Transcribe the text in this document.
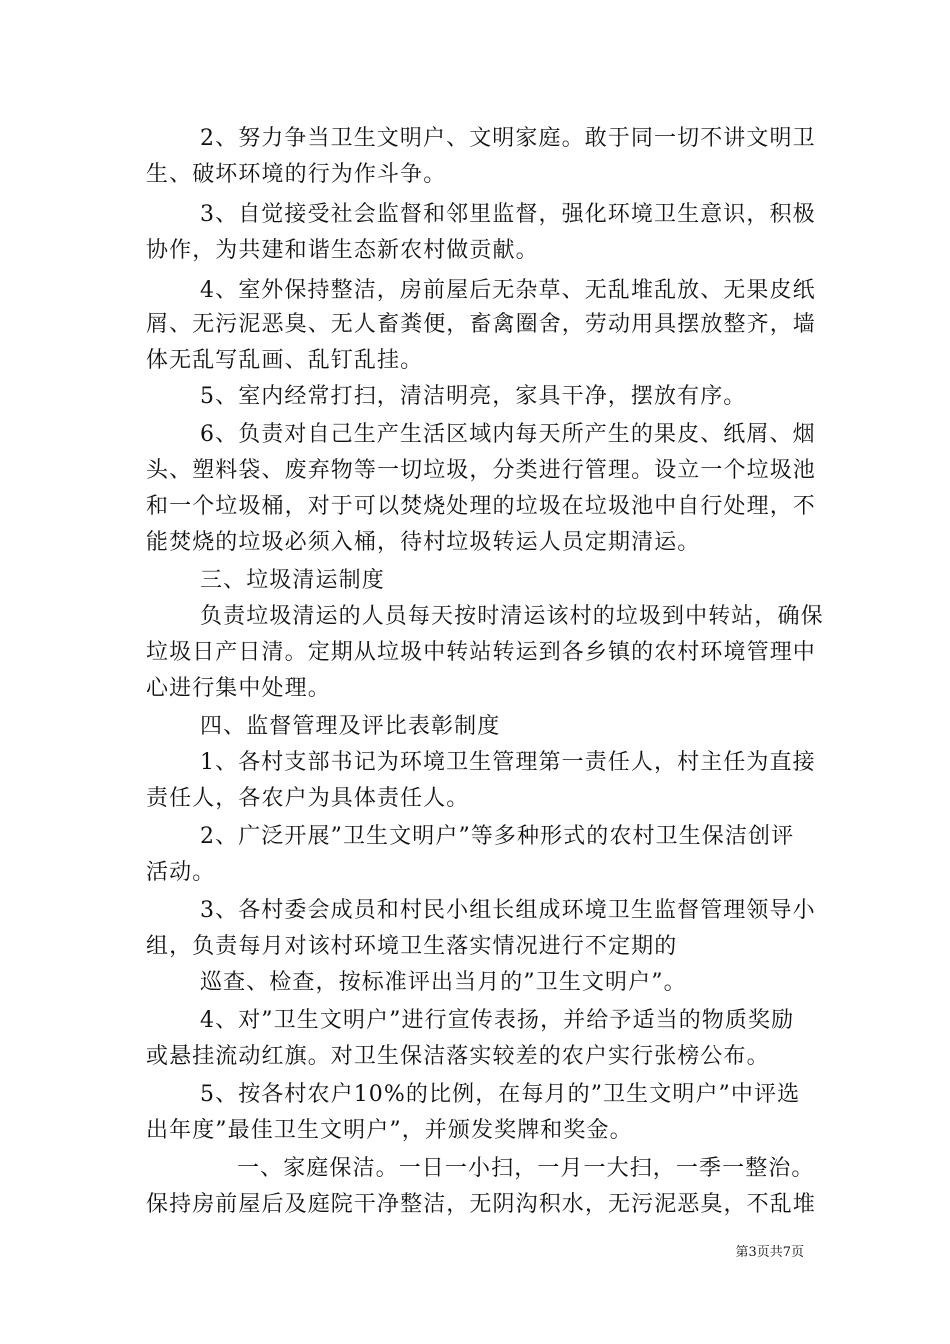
2、努力争当卫生文明户、文明家庭。敢于同一切不讲文明卫
生、破坏环境的行为作斗争。
3、自觉接受社会监督和邻里监督，强化环境卫生意识，积极
协作，为共建和谐生态新农村做贡献。
4、室外保持整洁，房前屋后无杂草、无乱堆乱放、无果皮纸
屑、无污泥恶臭、无人畜粪便，畜禽圈舍，劳动用具摆放整齐，墙
体无乱写乱画、乱钉乱挂。
5、室内经常打扫，清洁明亮，家具干净，摆放有序。
6、负责对自己生产生活区域内每天所产生的果皮、纸屑、烟
头、塑料袋、废弃物等一切垃圾，分类进行管理。设立一个垃圾池
和一个垃圾桶，对于可以焚烧处理的垃圾在垃圾池中自行处理，不
能焚烧的垃圾必须入桶，待村垃圾转运人员定期清运。
三、垃圾清运制度
负责垃圾清运的人员每天按时清运该村的垃圾到中转站，确保
垃圾日产日清。定期从垃圾中转站转运到各乡镇的农村环境管理中
心进行集中处理。
四、监督管理及评比表彰制度
1、各村支部书记为环境卫生管理第一责任人，村主任为直接
责任人，各农户为具体责任人。
2、广泛开展”卫生文明户”等多种形式的农村卫生保洁创评
活动。
3、各村委会成员和村民小组长组成环境卫生监督管理领导小
组，负责每月对该村环境卫生落实情况进行不定期的
巡查、检查，按标准评出当月的”卫生文明户”。
4、对”卫生文明户”进行宣传表扬，并给予适当的物质奖励
或悬挂流动红旗。对卫生保洁落实较差的农户实行张榜公布。
5、按各村农户10%的比例，在每月的”卫生文明户”中评选
出年度”最佳卫生文明户”，并颁发奖牌和奖金。
一、家庭保洁。一日一小扫，一月一大扫，一季一整治。
保持房前屋后及庭院干净整洁，无阴沟积水，无污泥恶臭，不乱堆
第3页共7页
